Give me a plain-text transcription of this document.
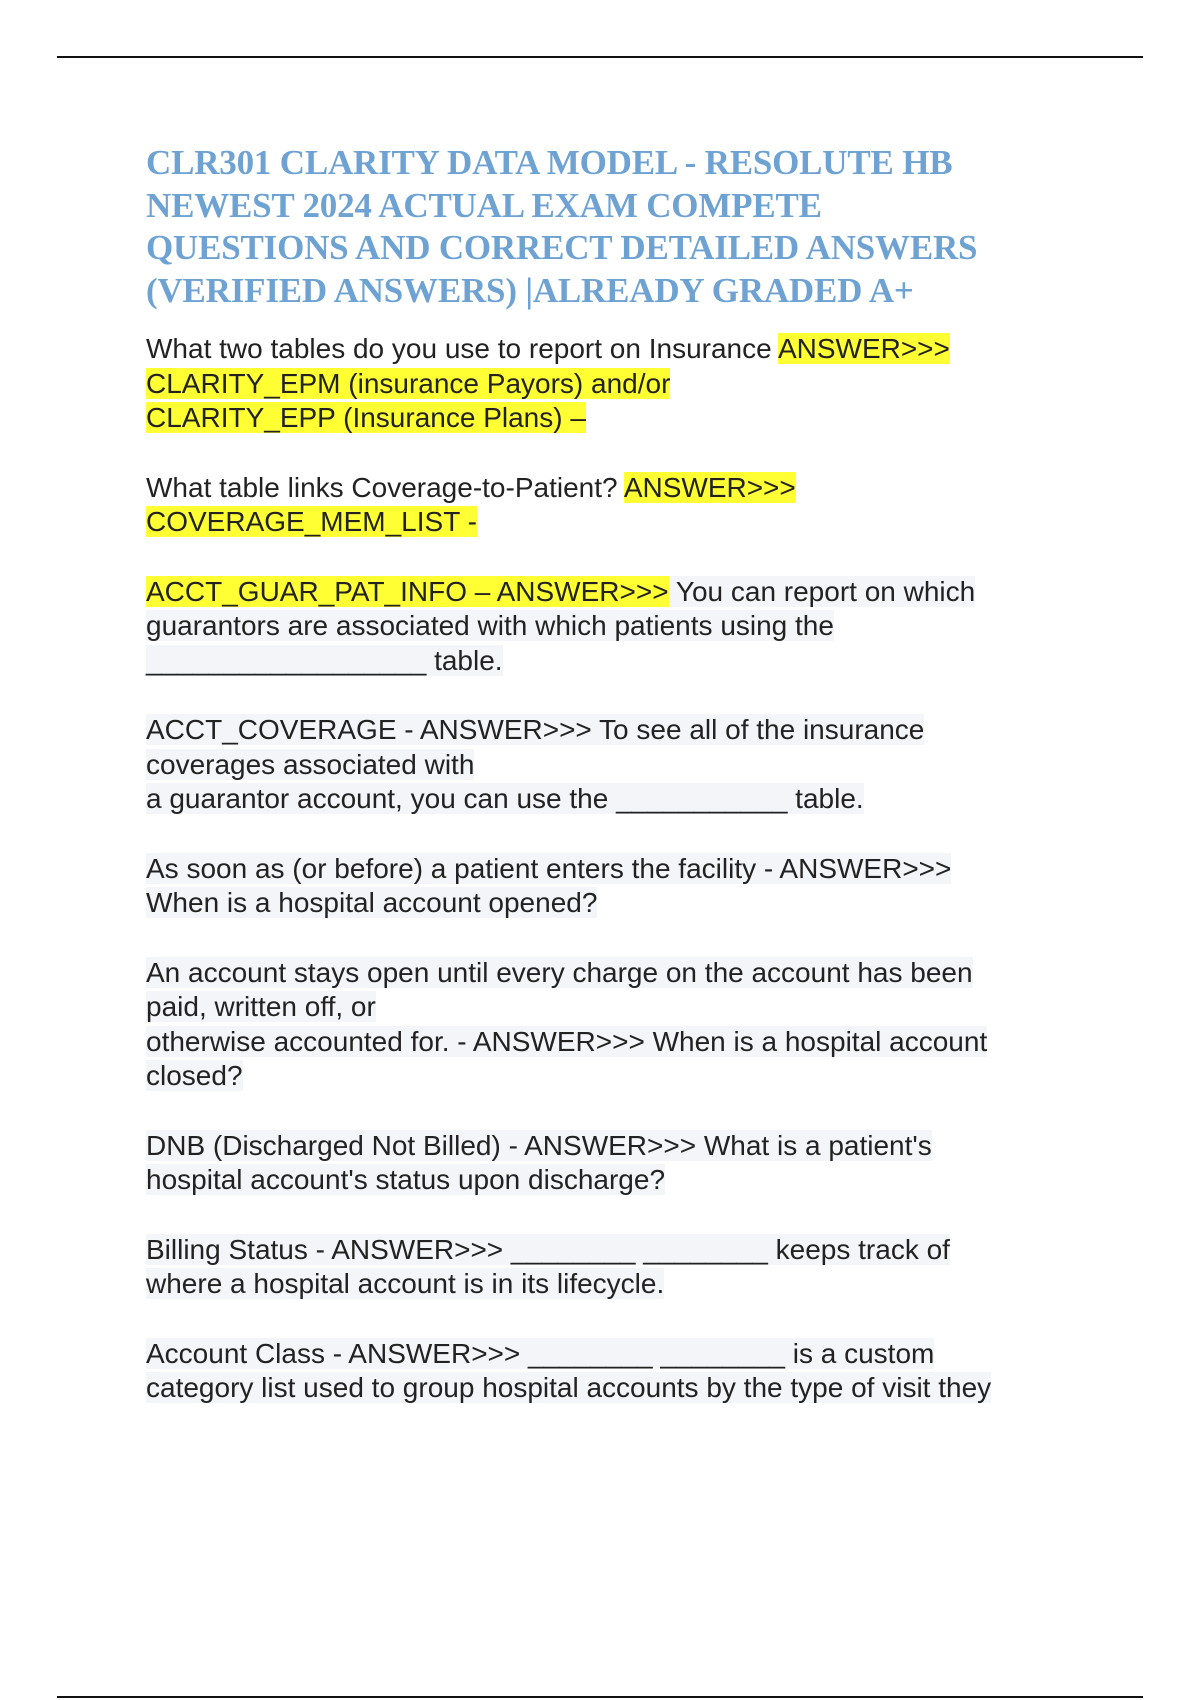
CLR301 CLARITY DATA MODEL - RESOLUTE HB
NEWEST 2024 ACTUAL EXAM COMPETE
QUESTIONS AND CORRECT DETAILED ANSWERS
(VERIFIED ANSWERS) |ALREADY GRADED A+
What two tables do you use to report on Insurance ANSWER>>>
CLARITY_EPM (insurance Payors) and/or
CLARITY_EPP (Insurance Plans) –
What table links Coverage-to-Patient? ANSWER>>>
COVERAGE_MEM_LIST -
ACCT_GUAR_PAT_INFO – ANSWER>>> You can report on which
guarantors are associated with which patients using the
__________________ table.
ACCT_COVERAGE - ANSWER>>> To see all of the insurance
coverages associated with
a guarantor account, you can use the ___________ table.
As soon as (or before) a patient enters the facility - ANSWER>>>
When is a hospital account opened?
An account stays open until every charge on the account has been
paid, written off, or
otherwise accounted for. - ANSWER>>> When is a hospital account
closed?
DNB (Discharged Not Billed) - ANSWER>>> What is a patient's
hospital account's status upon discharge?
Billing Status - ANSWER>>> ________ ________ keeps track of
where a hospital account is in its lifecycle.
Account Class - ANSWER>>> ________ ________ is a custom
category list used to group hospital accounts by the type of visit they
